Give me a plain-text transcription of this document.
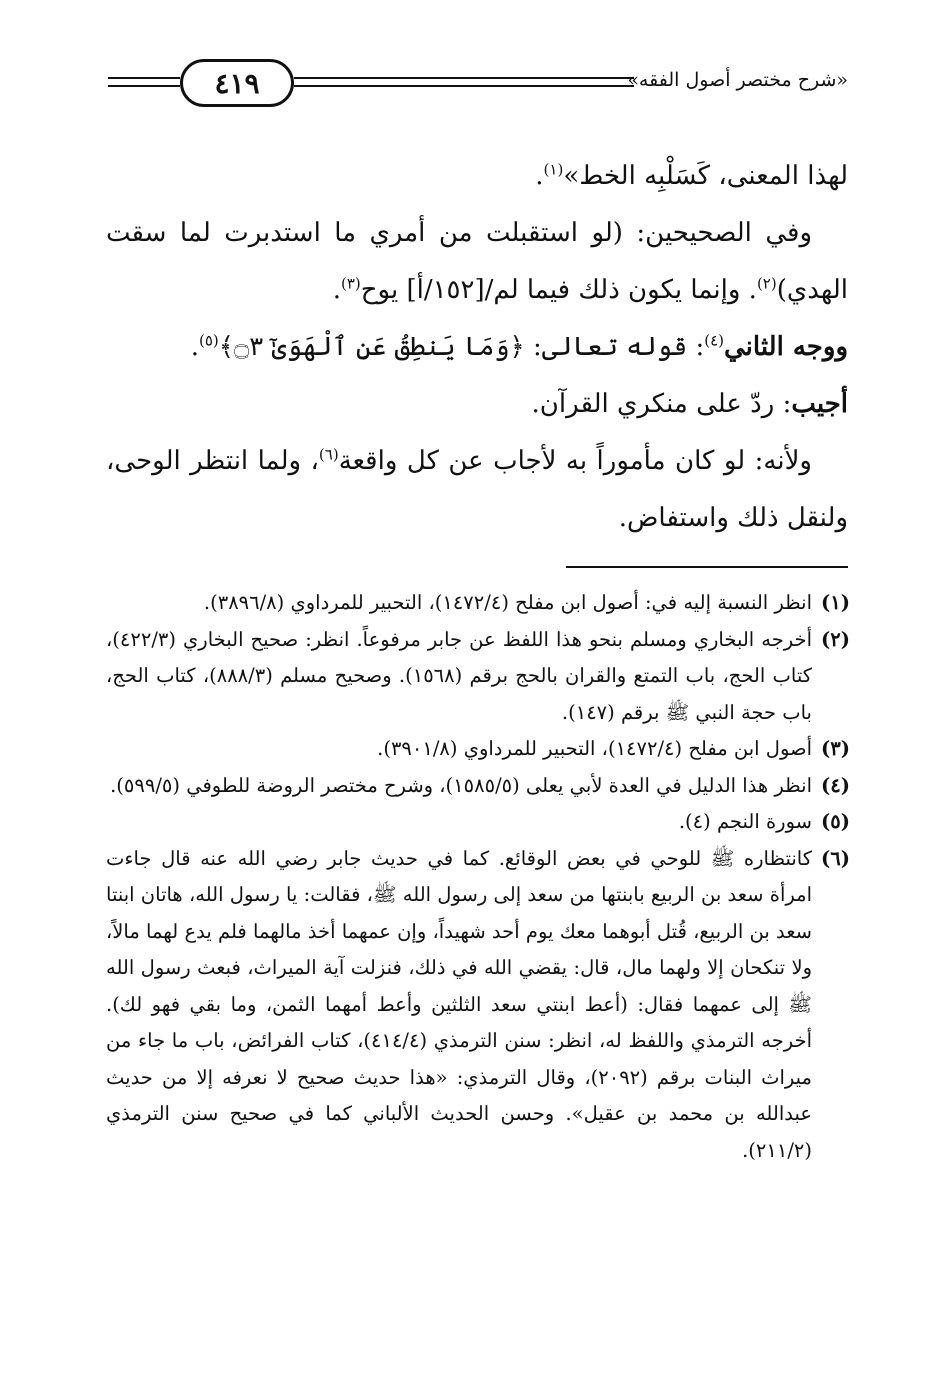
٤١٩	«شرح مختصر أصول الفقه»

لهذا المعنى، كَسَلْبِه الخط»$^{(١)}$.

وفي الصحيحين: (لو استقبلت من أمري ما استدبرت لما سقت الهدي)$^{(٢)}$. وإنما يكون ذلك فيما لم/[١٥٢/أ] يوح$^{(٣)}$.

ووجه الثاني$^{(٤)}$: قوله تعالى: ﴿وَمَا يَنطِقُ عَنِ ٱلْهَوَىٰٓ ۝٣﴾$^{(٥)}$.

أجيب: ردّ على منكري القرآن.

ولأنه: لو كان مأموراً به لأجاب عن كل واقعة$^{(٦)}$، ولما انتظر الوحى، ولنقل ذلك واستفاض.

(١)
انظر النسبة إليه في: أصول ابن مفلح (١٤٧٢/٤)، التحبير للمرداوي (٣٨٩٦/٨).
(٢)
أخرجه البخاري ومسلم بنحو هذا اللفظ عن جابر مرفوعاً. انظر: صحيح البخاري (٤٢٢/٣)، كتاب الحج، باب التمتع والقران بالحج برقم (١٥٦٨). وصحيح مسلم (٨٨٨/٣)، كتاب الحج، باب حجة النبي ﷺ برقم (١٤٧).
(٣)
أصول ابن مفلح (١٤٧٢/٤)، التحبير للمرداوي (٣٩٠١/٨).
(٤)
انظر هذا الدليل في العدة لأبي يعلى (١٥٨٥/٥)، وشرح مختصر الروضة للطوفي (٥٩٩/٥).
(٥)
سورة النجم (٤).
(٦)
كانتظاره ﷺ للوحي في بعض الوقائع. كما في حديث جابر رضي الله عنه قال جاءت امرأة سعد بن الربيع بابنتها من سعد إلى رسول الله ﷺ، فقالت: يا رسول الله، هاتان ابنتا سعد بن الربيع، قُتل أبوهما معك يوم أحد شهيداً، وإن عمهما أخذ مالهما فلم يدع لهما مالاً، ولا تنكحان إلا ولهما مال، قال: يقضي الله في ذلك، فنزلت آية الميراث، فبعث رسول الله ﷺ إلى عمهما فقال: (أعط ابنتي سعد الثلثين وأعط أمهما الثمن، وما بقي فهو لك). أخرجه الترمذي واللفظ له، انظر: سنن الترمذي (٤١٤/٤)، كتاب الفرائض، باب ما جاء من ميراث البنات برقم (٢٠٩٢)، وقال الترمذي: «هذا حديث صحيح لا نعرفه إلا من حديث عبدالله بن محمد بن عقيل». وحسن الحديث الألباني كما في صحيح سنن الترمذي (٢١١/٢).
